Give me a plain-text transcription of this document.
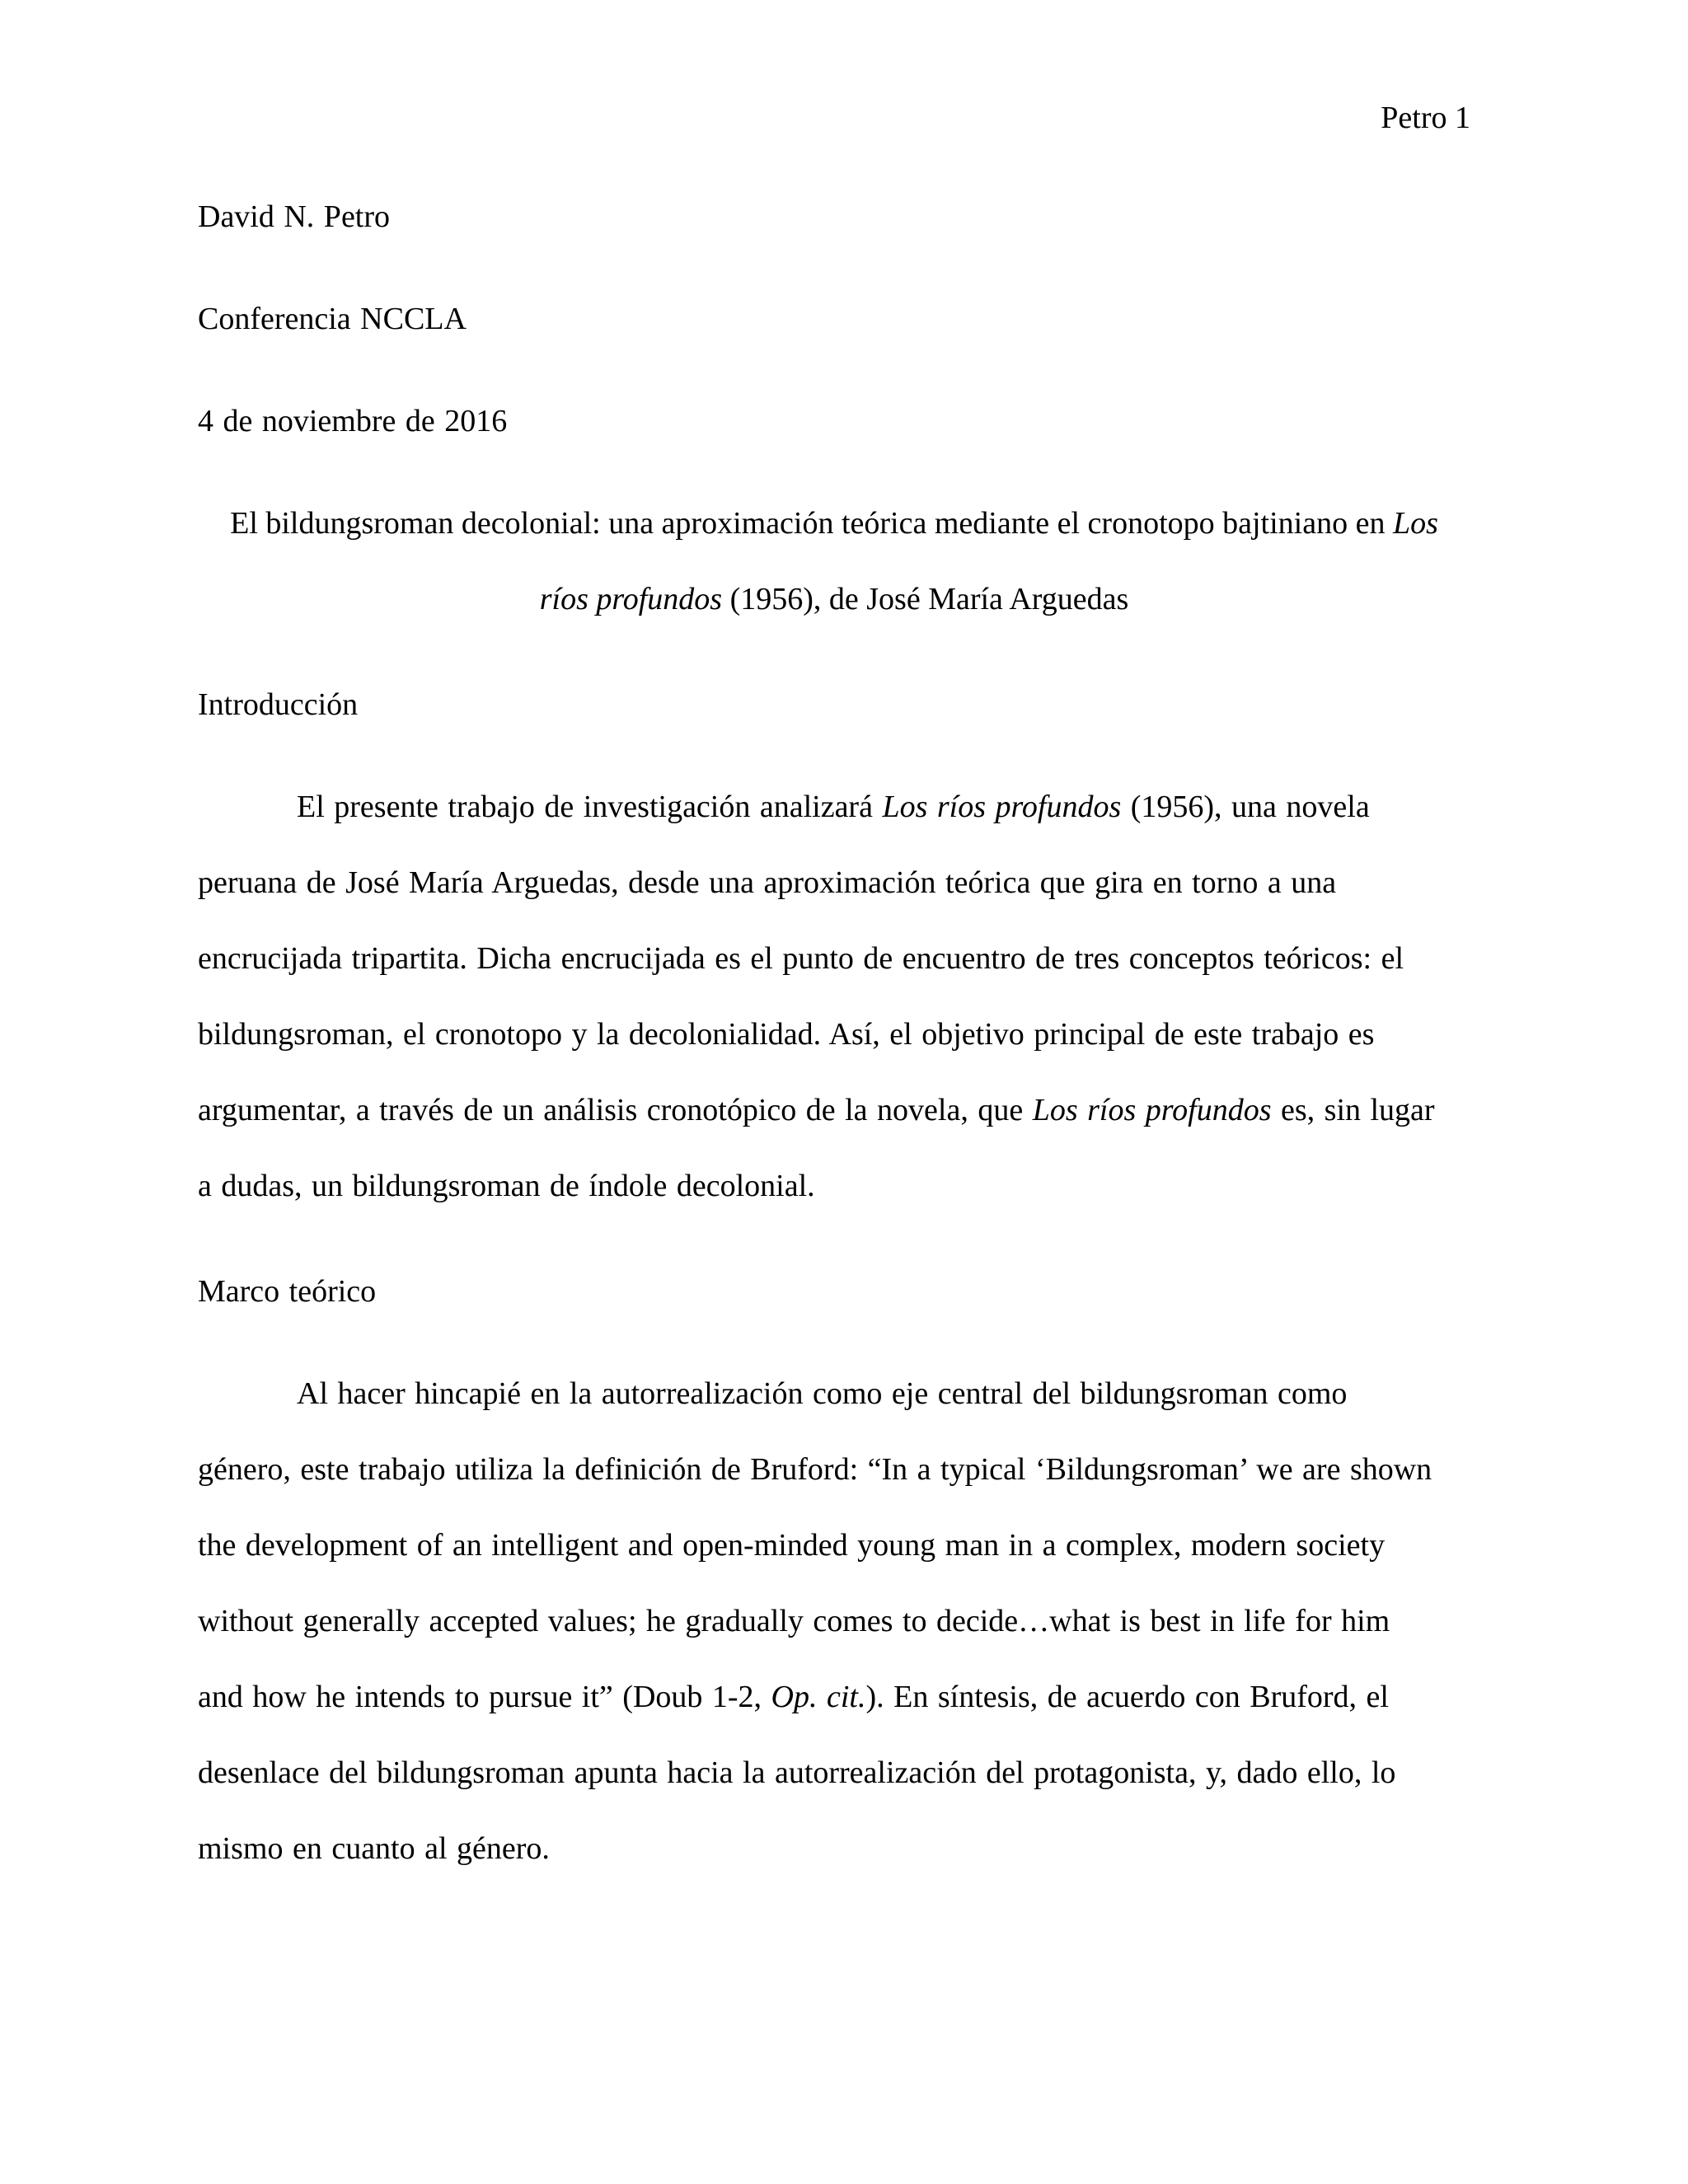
Petro 1
David N. Petro
Conferencia NCCLA
4 de noviembre de 2016
El bildungsroman decolonial: una aproximación teórica mediante el cronotopo bajtiniano en Los
ríos profundos (1956), de José María Arguedas
Introducción
El presente trabajo de investigación analizará Los ríos profundos (1956), una novela
peruana de José María Arguedas, desde una aproximación teórica que gira en torno a una
encrucijada tripartita. Dicha encrucijada es el punto de encuentro de tres conceptos teóricos: el
bildungsroman, el cronotopo y la decolonialidad. Así, el objetivo principal de este trabajo es
argumentar, a través de un análisis cronotópico de la novela, que Los ríos profundos es, sin lugar
a dudas, un bildungsroman de índole decolonial.
Marco teórico
Al hacer hincapié en la autorrealización como eje central del bildungsroman como
género, este trabajo utiliza la definición de Bruford: “In a typical ‘Bildungsroman’ we are shown
the development of an intelligent and open-minded young man in a complex, modern society
without generally accepted values; he gradually comes to decide…what is best in life for him
and how he intends to pursue it” (Doub 1-2, Op. cit.). En síntesis, de acuerdo con Bruford, el
desenlace del bildungsroman apunta hacia la autorrealización del protagonista, y, dado ello, lo
mismo en cuanto al género.
